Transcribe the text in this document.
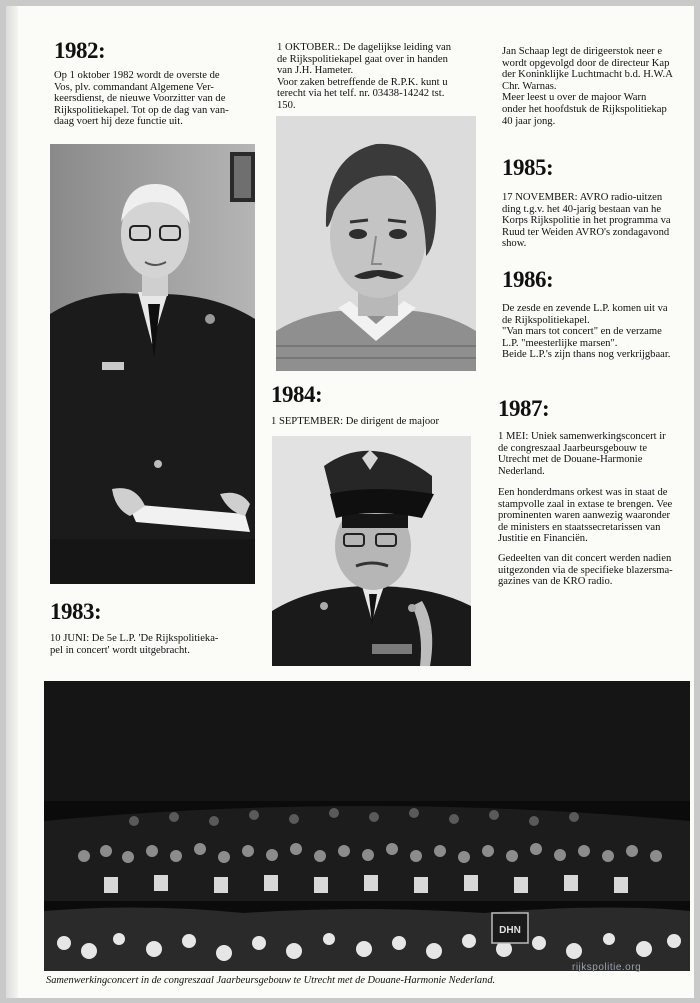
1982:
Op 1 oktober 1982 wordt de overste de
Vos, plv. commandant Algemene Ver-
keersdienst, de nieuwe Voorzitter van de
Rijkspolitiekapel. Tot op de dag van van-
daag voert hij deze functie uit.
1983:
10 JUNI: De 5e L.P. 'De Rijkspolitieka-
pel in concert' wordt uitgebracht.
1 OKTOBER.: De dagelijkse leiding van
de Rijkspolitiekapel gaat over in handen
van J.H. Hameter.
Voor zaken betreffende de R.P.K. kunt u
terecht via het telf. nr. 03438-14242 tst.
150.
1984:
1 SEPTEMBER: De dirigent de majoor
Jan Schaap legt de dirigeerstok neer e
wordt opgevolgd door de directeur Kap
der Koninklijke Luchtmacht b.d. H.W.A
Chr. Warnas.
Meer leest u over de majoor Warn
onder het hoofdstuk de Rijkspolitiekap
40 jaar jong.
1985:
17 NOVEMBER: AVRO radio-uitzen
ding t.g.v. het 40-jarig bestaan van he
Korps Rijkspolitie in het programma va
Ruud ter Weiden AVRO's zondagavond
show.
1986:
De zesde en zevende L.P. komen uit va
de Rijkspolitiekapel.
"Van mars tot concert" en de verzame
L.P. "meesterlijke marsen".
Beide L.P.'s zijn thans nog verkrijgbaar.
1987:
1 MEI: Uniek samenwerkingsconcert ir
de congreszaal Jaarbeursgebouw te
Utrecht met de Douane-Harmonie
Nederland.
Een honderdmans orkest was in staat de
stampvolle zaal in extase te brengen. Vee
prominenten waren aanwezig waaronder
de ministers en staatssecretarissen van
Justitie en Financiën.
Gedeelten van dit concert werden nadien
uitgezonden via de specifieke blazersma-
gazines van de KRO radio.
DHN
Samenwerkingconcert in de congreszaal Jaarbeursgebouw te Utrecht met de Douane-Harmonie Nederland.
rijkspolitie.org
